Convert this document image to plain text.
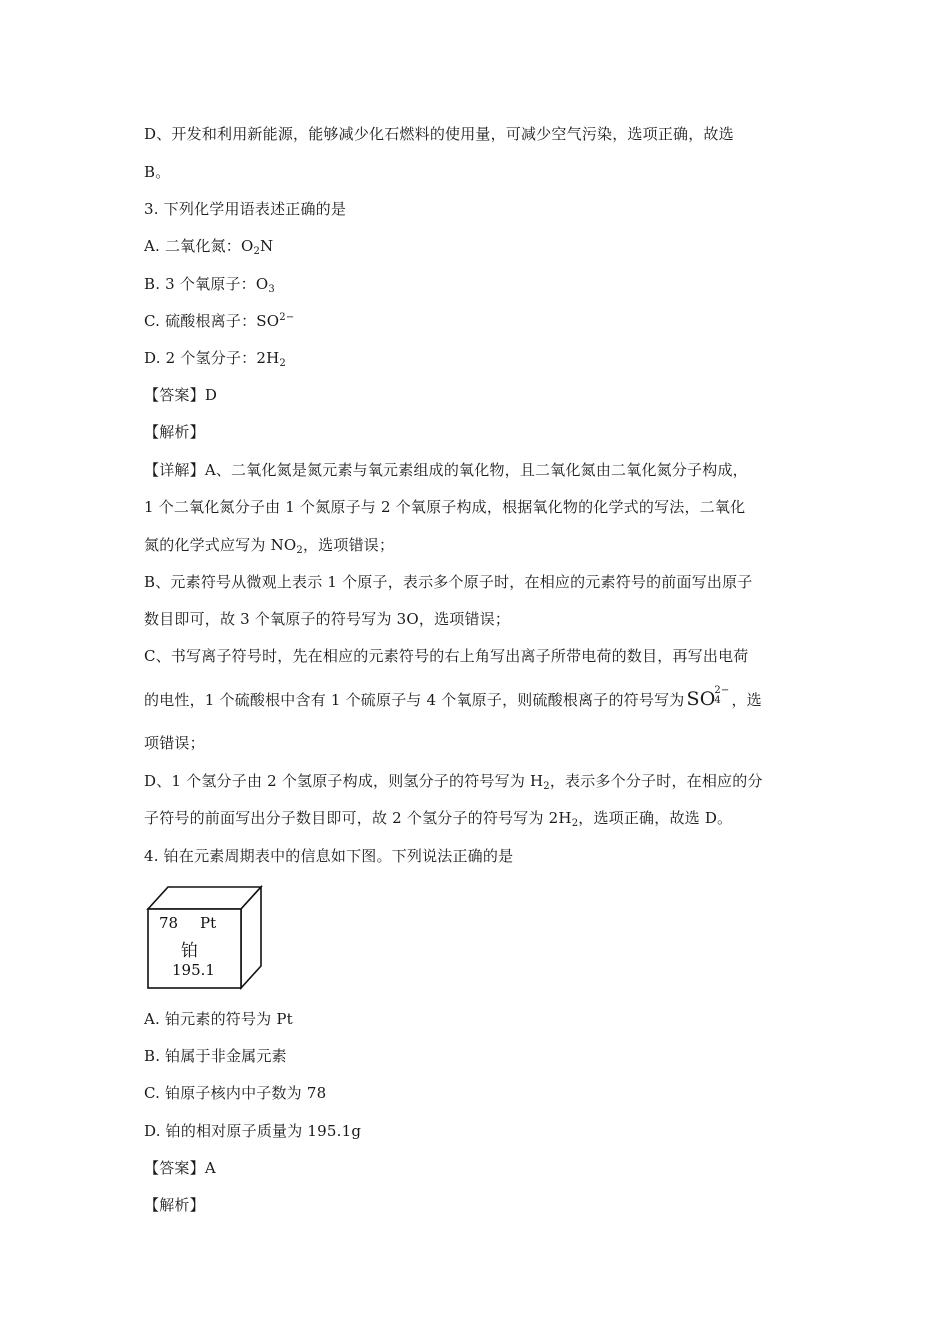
D、开发和利用新能源，能够减少化石燃料的使用量，可减少空气污染，选项正确，故选
B。
3. 下列化学用语表述正确的是
A. 二氧化氮：$O_2N$
B. 3 个氧原子：$O_3$
C. 硫酸根离子：$SO^{2-}$
D. 2 个氢分子：$2H_2$
【答案】D
【解析】
【详解】A、二氧化氮是氮元素与氧元素组成的氧化物，且二氧化氮由二氧化氮分子构成，
1 个二氧化氮分子由 1 个氮原子与 2 个氧原子构成，根据氧化物的化学式的写法，二氧化
氮的化学式应写为 $NO_2$，选项错误；
B、元素符号从微观上表示 1 个原子，表示多个原子时，在相应的元素符号的前面写出原子
数目即可，故 3 个氧原子的符号写为 3O，选项错误；
C、书写离子符号时，先在相应的元素符号的右上角写出离子所带电荷的数目，再写出电荷
的电性，1 个硫酸根中含有 1 个硫原子与 4 个氧原子，则硫酸根离子的符号写为 SO
2−
4 ，选
项错误；
D、1 个氢分子由 2 个氢原子构成，则氢分子的符号写为 $H_2$，表示多个分子时，在相应的分
子符号的前面写出分子数目即可，故 2 个氢分子的符号写为 $2H_2$，选项正确，故选 D。
4. 铂在元素周期表中的信息如下图。下列说法正确的是
78 Pt
铂
195.1
A. 铂元素的符号为 Pt
B. 铂属于非金属元素
C. 铂原子核内中子数为 78
D. 铂的相对原子质量为 195.1g
【答案】A
【解析】
